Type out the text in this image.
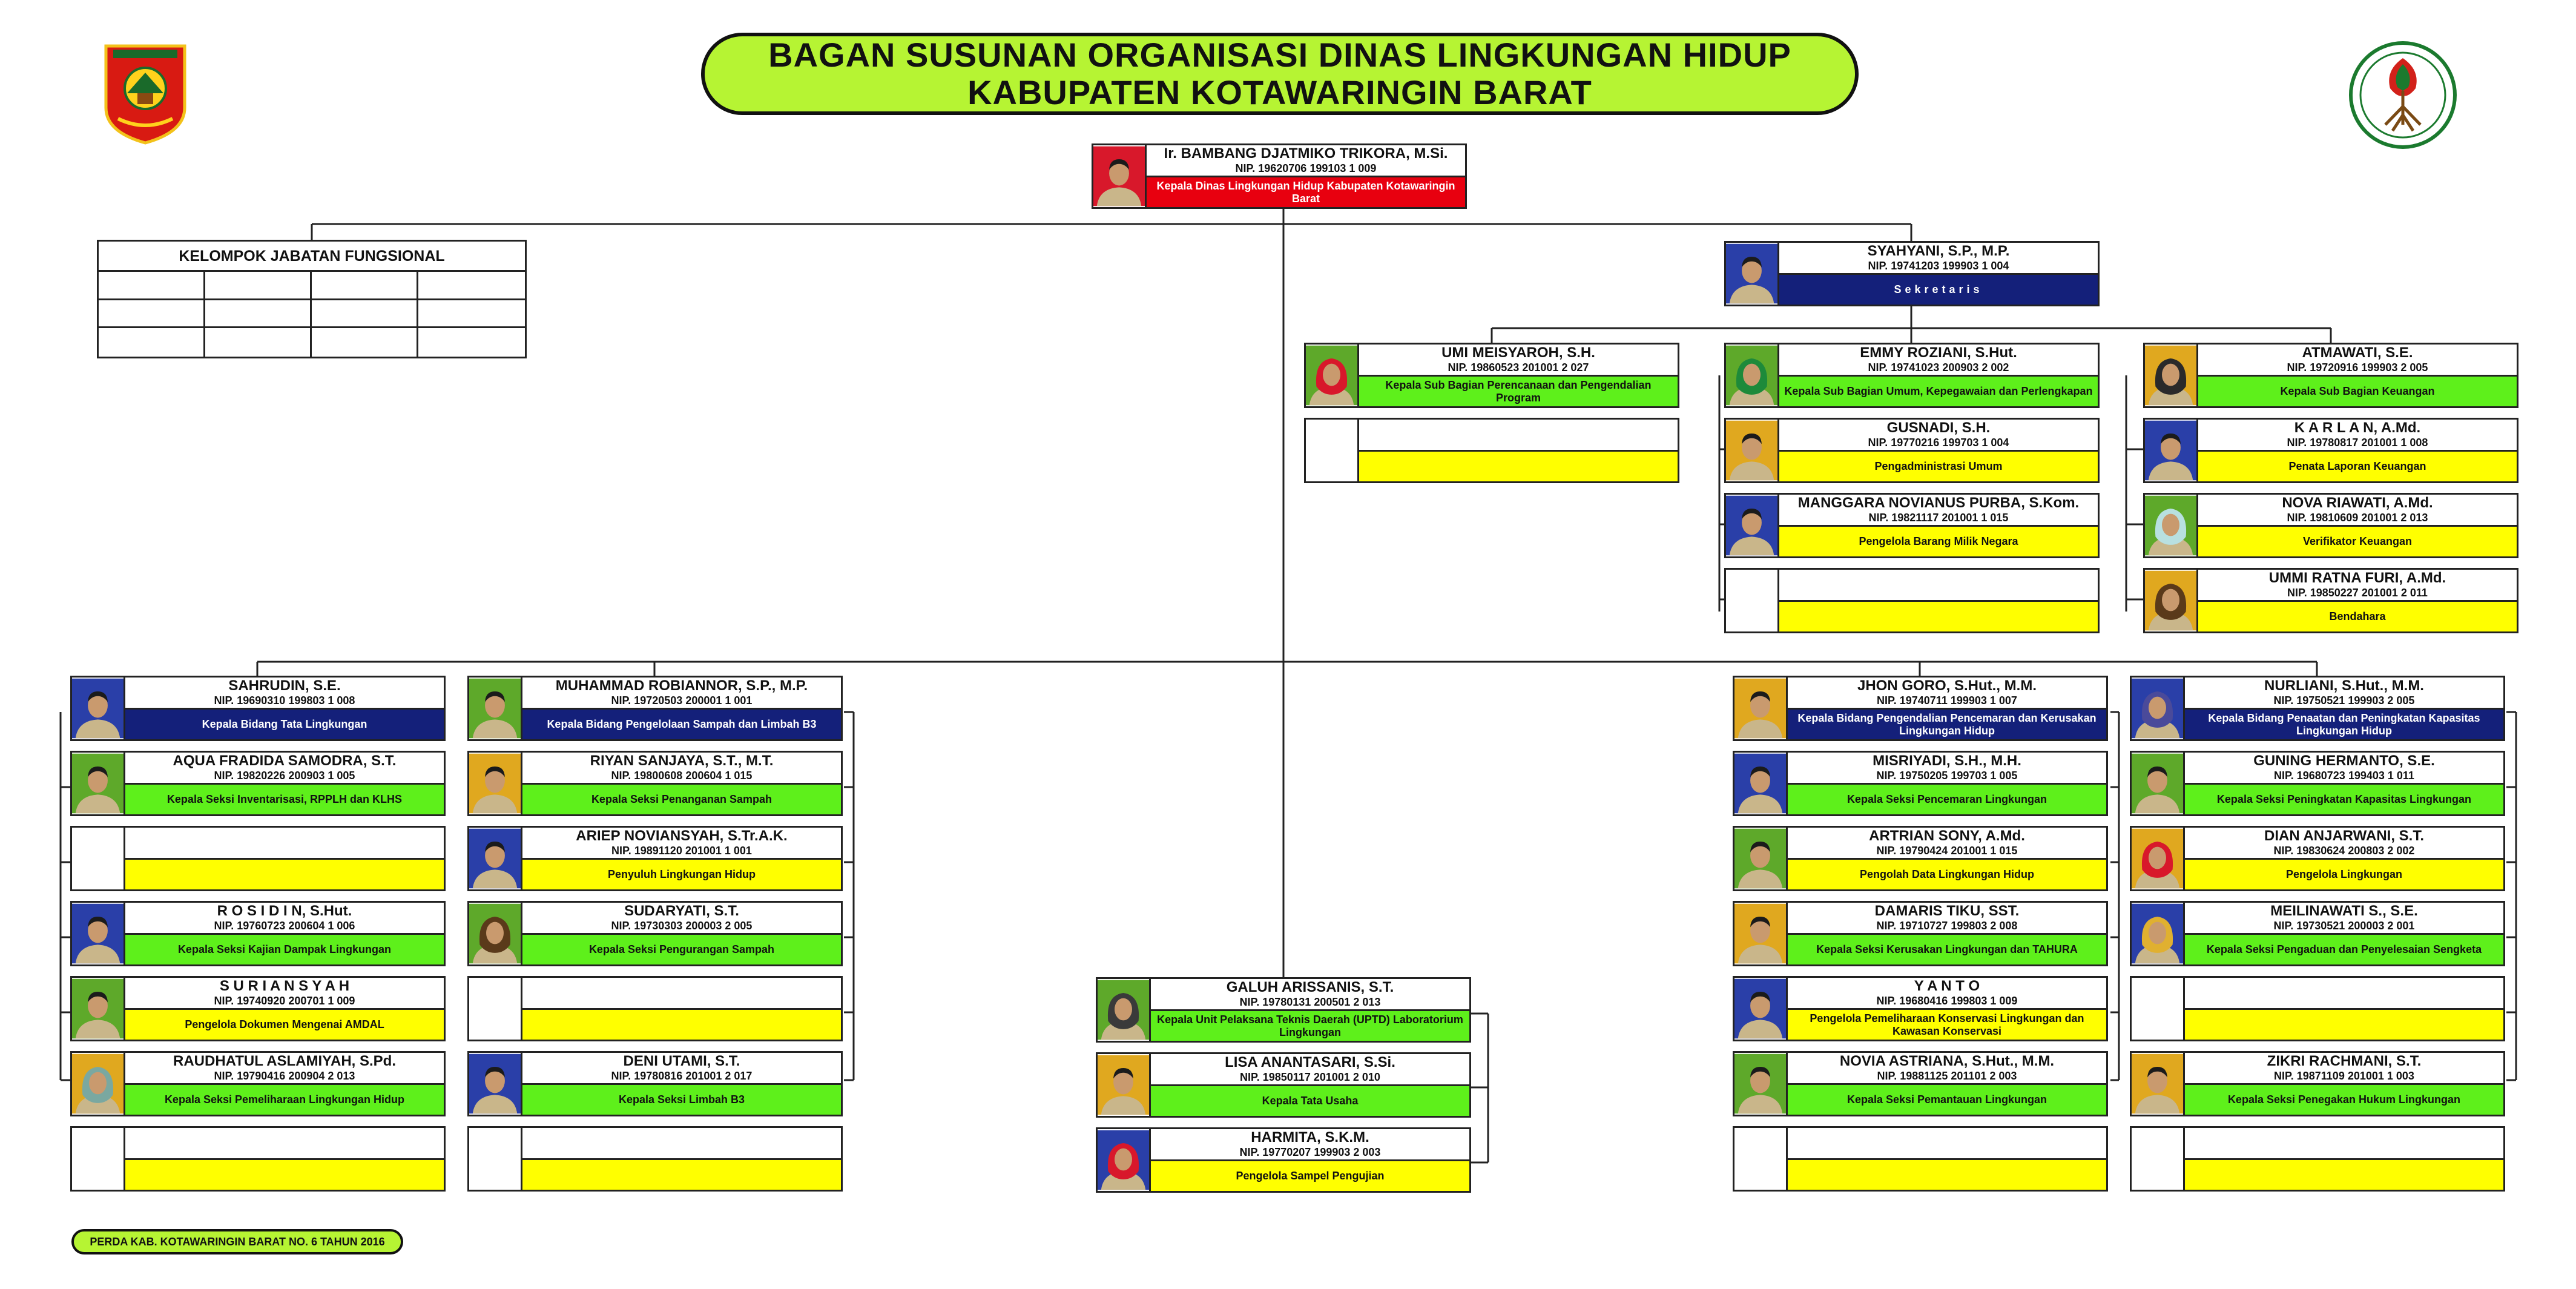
BAGAN SUSUNAN ORGANISASI DINAS LINGKUNGAN HIDUP
KABUPATEN KOTAWARINGIN BARAT
KELOMPOK JABATAN FUNGSIONAL
Ir. BAMBANG DJATMIKO TRIKORA, M.Si.
NIP. 19620706 199103 1 009
Kepala Dinas Lingkungan Hidup Kabupaten Kotawaringin Barat
SYAHYANI, S.P., M.P.
NIP. 19741203 199903 1 004
Sekretaris
UMI MEISYAROH, S.H.
NIP. 19860523 201001 2 027
Kepala Sub Bagian Perencanaan dan Pengendalian Program
EMMY ROZIANI, S.Hut.
NIP. 19741023 200903 2 002
Kepala Sub Bagian Umum, Kepegawaian dan Perlengkapan
GUSNADI, S.H.
NIP. 19770216 199703 1 004
Pengadministrasi Umum
MANGGARA NOVIANUS PURBA, S.Kom.
NIP. 19821117 201001 1 015
Pengelola Barang Milik Negara
ATMAWATI, S.E.
NIP. 19720916 199903 2 005
Kepala Sub Bagian Keuangan
K A R L A N, A.Md.
NIP. 19780817 201001 1 008
Penata Laporan Keuangan
NOVA RIAWATI, A.Md.
NIP. 19810609 201001 2 013
Verifikator Keuangan
UMMI RATNA FURI, A.Md.
NIP. 19850227 201001 2 011
Bendahara
SAHRUDIN, S.E.
NIP. 19690310 199803 1 008
Kepala Bidang Tata Lingkungan
AQUA FRADIDA SAMODRA, S.T.
NIP. 19820226 200903 1 005
Kepala Seksi Inventarisasi, RPPLH dan KLHS
R O S I D I N, S.Hut.
NIP. 19760723 200604 1 006
Kepala Seksi Kajian Dampak Lingkungan
S U R I A N S Y A H
NIP. 19740920 200701 1 009
Pengelola Dokumen Mengenai AMDAL
RAUDHATUL ASLAMIYAH, S.Pd.
NIP. 19790416 200904 2 013
Kepala Seksi Pemeliharaan Lingkungan Hidup
MUHAMMAD ROBIANNOR, S.P., M.P.
NIP. 19720503 200001 1 001
Kepala Bidang Pengelolaan Sampah dan Limbah B3
RIYAN SANJAYA, S.T., M.T.
NIP. 19800608 200604 1 015
Kepala Seksi Penanganan Sampah
ARIEP NOVIANSYAH, S.Tr.A.K.
NIP. 19891120 201001 1 001
Penyuluh Lingkungan Hidup
SUDARYATI, S.T.
NIP. 19730303 200003 2 005
Kepala Seksi Pengurangan Sampah
DENI UTAMI, S.T.
NIP. 19780816 201001 2 017
Kepala Seksi Limbah B3
JHON GORO, S.Hut., M.M.
NIP. 19740711 199903 1 007
Kepala Bidang Pengendalian Pencemaran dan Kerusakan Lingkungan Hidup
MISRIYADI, S.H., M.H.
NIP. 19750205 199703 1 005
Kepala Seksi Pencemaran Lingkungan
ARTRIAN SONY, A.Md.
NIP. 19790424 201001 1 015
Pengolah Data Lingkungan Hidup
DAMARIS TIKU, SST.
NIP. 19710727 199803 2 008
Kepala Seksi Kerusakan Lingkungan dan TAHURA
Y A N T O
NIP. 19680416 199803 1 009
Pengelola Pemeliharaan Konservasi Lingkungan dan Kawasan Konservasi
NOVIA ASTRIANA, S.Hut., M.M.
NIP. 19881125 201101 2 003
Kepala Seksi Pemantauan Lingkungan
NURLIANI, S.Hut., M.M.
NIP. 19750521 199903 2 005
Kepala Bidang Penaatan dan Peningkatan Kapasitas Lingkungan Hidup
GUNING HERMANTO, S.E.
NIP. 19680723 199403 1 011
Kepala Seksi Peningkatan Kapasitas Lingkungan
DIAN ANJARWANI, S.T.
NIP. 19830624 200803 2 002
Pengelola Lingkungan
MEILINAWATI S., S.E.
NIP. 19730521 200003 2 001
Kepala Seksi Pengaduan dan Penyelesaian Sengketa
ZIKRI RACHMANI, S.T.
NIP. 19871109 201001 1 003
Kepala Seksi Penegakan Hukum Lingkungan
GALUH ARISSANIS, S.T.
NIP. 19780131 200501 2 013
Kepala Unit Pelaksana Teknis Daerah (UPTD) Laboratorium Lingkungan
LISA ANANTASARI, S.Si.
NIP. 19850117 201001 2 010
Kepala Tata Usaha
HARMITA, S.K.M.
NIP. 19770207 199903 2 003
Pengelola Sampel Pengujian
PERDA KAB. KOTAWARINGIN BARAT NO. 6 TAHUN 2016
